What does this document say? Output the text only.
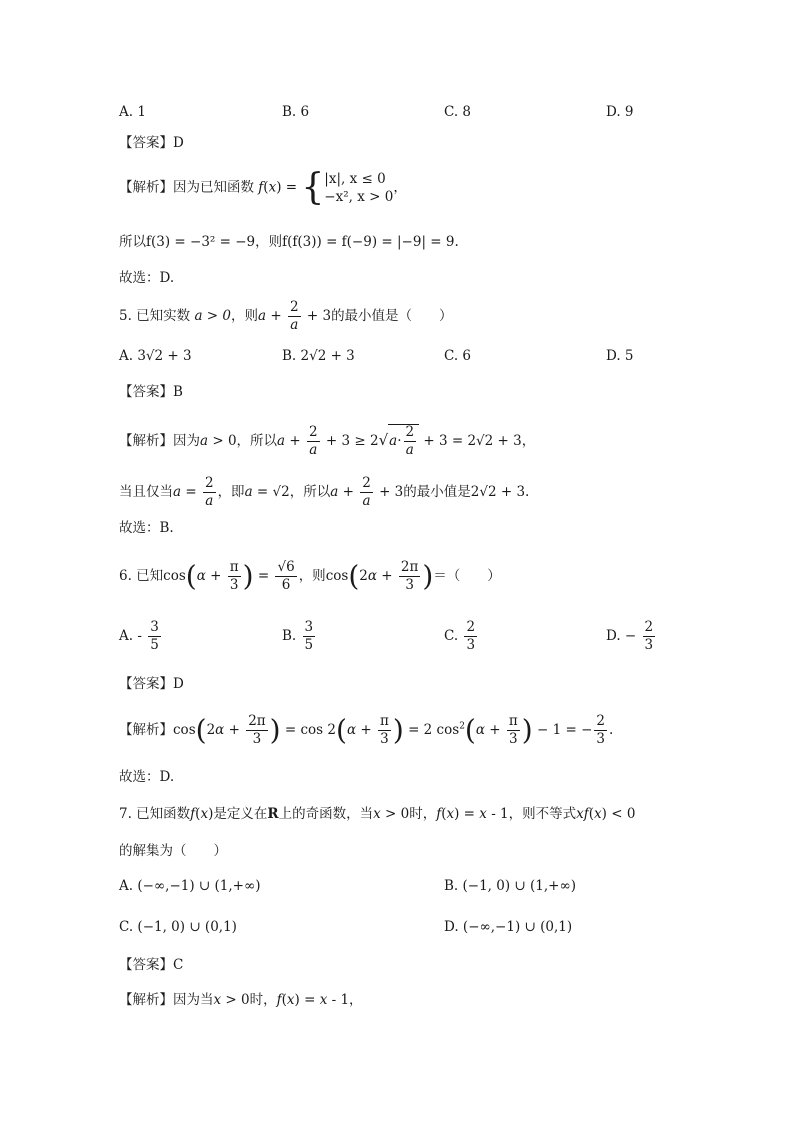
A. 1	B. 6	C. 8	D. 9
【答案】D
【解析】因为已知函数 f(x) = { |x|, x ≤ 0
−x², x > 0
，
所以f(3) = −3² = −9，则f(f(3)) = f(−9) = |−9| = 9.
故选：D.
5. 已知实数 a > 0，则$a + \frac{2}{a} + 3$的最小值是（　　）
A. 3√2 + 3	B. 2√2 + 3	C. 6	D. 5
【答案】B
【解析】因为a > 0，所以$a + \frac{2}{a} + 3 \ge 2√a\cdot \frac{2}{a} + 3 = 2√2 + 3$，
当且仅当$a = \frac{2}{a}$ ，即a = √2，所以$a + \frac{2}{a} + 3$的最小值是2√2 + 3.
故选：B.
6. 已知$\cos(\alpha + \frac{\pi}{3}$ ) = $\frac{√6}{6}$ ，则$\cos(2\alpha + \frac{2\pi}{3}$ )＝（　　）
A. - $\frac{3}{5}$	B. $\frac{3}{5}$	C. $\frac{2}{3}$	D. − $\frac{2}{3}$
【答案】D
【解析】$\cos(2\alpha + \frac{2\pi}{3}$ ) = $\cos 2(\alpha + \frac{\pi}{3}$ ) = 2 $\cos^2(\alpha + \frac{\pi}{3}$ ) − 1 = − $\frac{2}{3}$ .
故选：D.
7. 已知函数f(x)是定义在R上的奇函数，当x > 0时，f(x) = x - 1，则不等式xf(x) < 0
的解集为（　　）
A. (−∞,−1) ∪ (1,+∞)	B. (−1, 0) ∪ (1,+∞)
C. (−1, 0) ∪ (0,1)	D. (−∞,−1) ∪ (0,1)
【答案】C
【解析】因为当x > 0时，f(x) = x - 1，
